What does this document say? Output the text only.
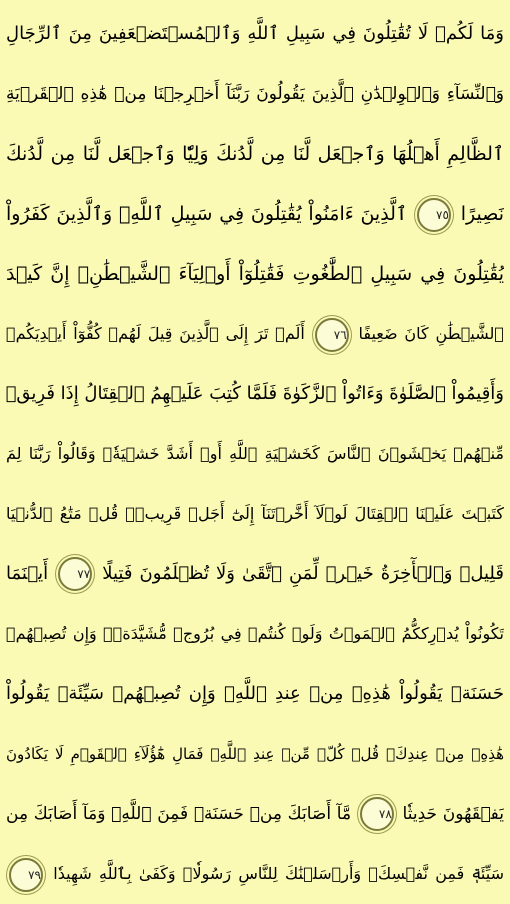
وَمَا لَكُمۡ لَا تُقَٰتِلُونَ فِي سَبِيلِ ٱللَّهِ وَٱلۡمُسۡتَضۡعَفِينَ مِنَ ٱلرِّجَالِ
وَٱلنِّسَآءِ وَٱلۡوِلۡدَٰنِ ٱلَّذِينَ يَقُولُونَ رَبَّنَآ أَخۡرِجۡنَا مِنۡ هَٰذِهِ ٱلۡقَرۡيَةِ
ٱلظَّالِمِ أَهۡلُهَا وَٱجۡعَل لَّنَا مِن لَّدُنكَ وَلِيّٗا وَٱجۡعَل لَّنَا مِن لَّدُنكَ
نَصِيرًا ٧٥ ٱلَّذِينَ ءَامَنُواْ يُقَٰتِلُونَ فِي سَبِيلِ ٱللَّهِۖ وَٱلَّذِينَ كَفَرُواْ
يُقَٰتِلُونَ فِي سَبِيلِ ٱلطَّٰغُوتِ فَقَٰتِلُوٓاْ أَوۡلِيَآءَ ٱلشَّيۡطَٰنِۖ إِنَّ كَيۡدَ
ٱلشَّيۡطَٰنِ كَانَ ضَعِيفًا ٧٦ أَلَمۡ تَرَ إِلَى ٱلَّذِينَ قِيلَ لَهُمۡ كُفُّوٓاْ أَيۡدِيَكُمۡ
وَأَقِيمُواْ ٱلصَّلَوٰةَ وَءَاتُواْ ٱلزَّكَوٰةَ فَلَمَّا كُتِبَ عَلَيۡهِمُ ٱلۡقِتَالُ إِذَا فَرِيقٞ
مِّنۡهُمۡ يَخۡشَوۡنَ ٱلنَّاسَ كَخَشۡيَةِ ٱللَّهِ أَوۡ أَشَدَّ خَشۡيَةٗۚ وَقَالُواْ رَبَّنَا لِمَ
كَتَبۡتَ عَلَيۡنَا ٱلۡقِتَالَ لَوۡلَآ أَخَّرۡتَنَآ إِلَىٰٓ أَجَلٖ قَرِيبٖۗ قُلۡ مَتَٰعُ ٱلدُّنۡيَا
قَلِيلٞ وَٱلۡأٓخِرَةُ خَيۡرٞ لِّمَنِ ٱتَّقَىٰ وَلَا تُظۡلَمُونَ فَتِيلًا ٧٧ أَيۡنَمَا
تَكُونُواْ يُدۡرِككُّمُ ٱلۡمَوۡتُ وَلَوۡ كُنتُمۡ فِي بُرُوجٖ مُّشَيَّدَةٖۗ وَإِن تُصِبۡهُمۡ
حَسَنَةٞ يَقُولُواْ هَٰذِهِۦ مِنۡ عِندِ ٱللَّهِۖ وَإِن تُصِبۡهُمۡ سَيِّئَةٞ يَقُولُواْ
هَٰذِهِۦ مِنۡ عِندِكَۚ قُلۡ كُلّٞ مِّنۡ عِندِ ٱللَّهِۖ فَمَالِ هَٰٓؤُلَآءِ ٱلۡقَوۡمِ لَا يَكَادُونَ
يَفۡقَهُونَ حَدِيثٗا ٧٨ مَّآ أَصَابَكَ مِنۡ حَسَنَةٖ فَمِنَ ٱللَّهِۖ وَمَآ أَصَابَكَ مِن
سَيِّئَةٖ فَمِن نَّفۡسِكَۚ وَأَرۡسَلۡنَٰكَ لِلنَّاسِ رَسُولٗاۚ وَكَفَىٰ بِٱللَّهِ شَهِيدٗا ٧٩
